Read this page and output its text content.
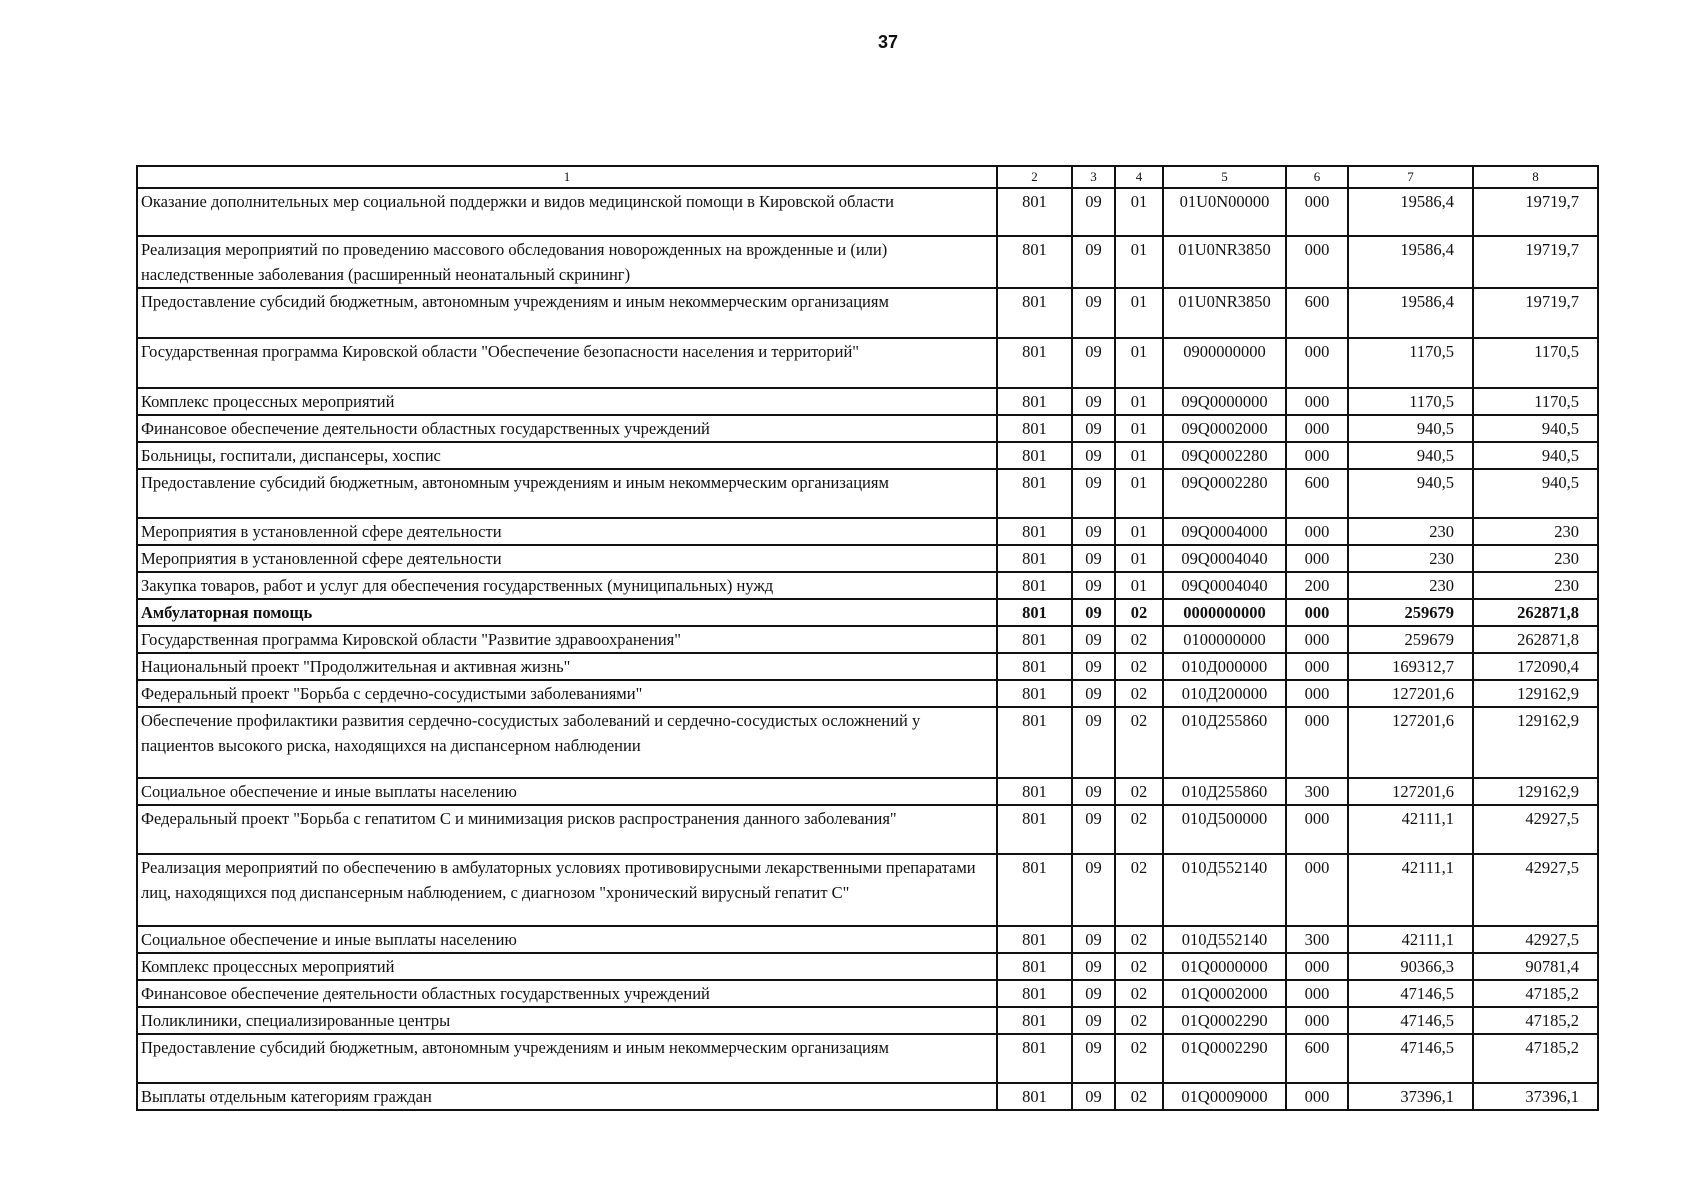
37
1	2	3	4	5	6	7	8
Оказание дополнительных мер социальной поддержки и видов медицинской помощи в Кировской области	801	09	01	01U0N00000	000	19586,4	19719,7
Реализация мероприятий по проведению массового обследования новорожденных на врожденные и (или) наследственные заболевания (расширенный неонатальный скрининг)	801	09	01	01U0NR3850	000	19586,4	19719,7
Предоставление субсидий бюджетным, автономным учреждениям и иным некоммерческим организациям	801	09	01	01U0NR3850	600	19586,4	19719,7
Государственная программа Кировской области "Обеспечение безопасности населения и территорий"	801	09	01	0900000000	000	1170,5	1170,5
Комплекс процессных мероприятий	801	09	01	09Q0000000	000	1170,5	1170,5
Финансовое обеспечение деятельности областных государственных учреждений	801	09	01	09Q0002000	000	940,5	940,5
Больницы, госпитали, диспансеры, хоспис	801	09	01	09Q0002280	000	940,5	940,5
Предоставление субсидий бюджетным, автономным учреждениям и иным некоммерческим организациям	801	09	01	09Q0002280	600	940,5	940,5
Мероприятия в установленной сфере деятельности	801	09	01	09Q0004000	000	230	230
Мероприятия в установленной сфере деятельности	801	09	01	09Q0004040	000	230	230
Закупка товаров, работ и услуг для обеспечения государственных (муниципальных) нужд	801	09	01	09Q0004040	200	230	230
Амбулаторная помощь	801	09	02	0000000000	000	259679	262871,8
Государственная программа Кировской области "Развитие здравоохранения"	801	09	02	0100000000	000	259679	262871,8
Национальный проект "Продолжительная и активная жизнь"	801	09	02	010Д000000	000	169312,7	172090,4
Федеральный проект "Борьба с сердечно-сосудистыми заболеваниями"	801	09	02	010Д200000	000	127201,6	129162,9
Обеспечение профилактики развития сердечно-сосудистых заболеваний и сердечно-сосудистых осложнений у пациентов высокого риска, находящихся на диспансерном наблюдении	801	09	02	010Д255860	000	127201,6	129162,9
Социальное обеспечение и иные выплаты населению	801	09	02	010Д255860	300	127201,6	129162,9
Федеральный проект "Борьба с гепатитом С и минимизация рисков распространения данного заболевания"	801	09	02	010Д500000	000	42111,1	42927,5
Реализация мероприятий по обеспечению в амбулаторных условиях противовирусными лекарственными препаратами лиц, находящихся под диспансерным наблюдением, с диагнозом "хронический вирусный гепатит С"	801	09	02	010Д552140	000	42111,1	42927,5
Социальное обеспечение и иные выплаты населению	801	09	02	010Д552140	300	42111,1	42927,5
Комплекс процессных мероприятий	801	09	02	01Q0000000	000	90366,3	90781,4
Финансовое обеспечение деятельности областных государственных учреждений	801	09	02	01Q0002000	000	47146,5	47185,2
Поликлиники, специализированные центры	801	09	02	01Q0002290	000	47146,5	47185,2
Предоставление субсидий бюджетным, автономным учреждениям и иным некоммерческим организациям	801	09	02	01Q0002290	600	47146,5	47185,2
Выплаты отдельным категориям граждан	801	09	02	01Q0009000	000	37396,1	37396,1
